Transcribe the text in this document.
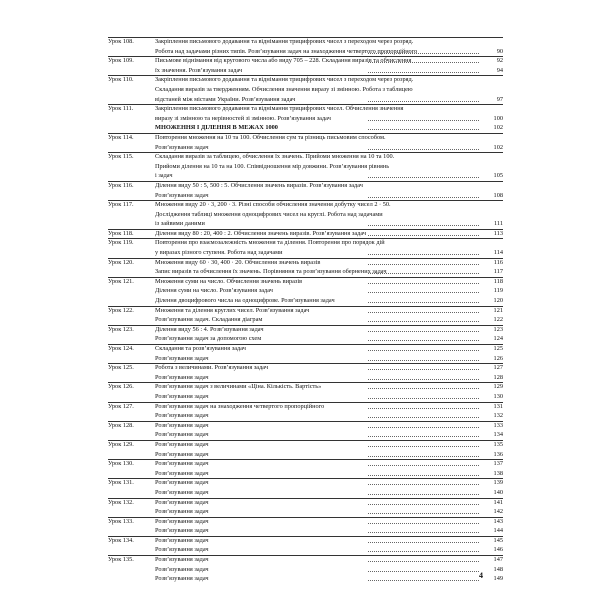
Урок 108.	Закріплення письмового додавання та віднімання трицифрових чисел з переходом через розряд.
Робота над задачами різних типів. Розв’язування задач на знаходження четвертого пропорційного	90
Урок 109.	Письмове віднімання від кругового числа або виду 705 – 228. Складання виразів та обчислення	92
їх значення. Розв’язування задач	94
Урок 110.	Закріплення письмового додавання та віднімання трицифрових чисел з переходом через розряд.
Складання виразів за твердженням. Обчислення значення виразу зі змінною. Робота з таблицею
відстаней між містами України. Розв’язування задач	97
Урок 111.	Закріплення письмового додавання та віднімання трицифрових чисел. Обчислення значення
виразу зі змінною та нерівностей зі змінною. Розв’язування задач	100
МНОЖЕННЯ І ДІЛЕННЯ В МЕЖАХ 1000	102
Урок 114.	Повторення множення на 10 та 100. Обчислення сум та різниць письмовим способом.
Розв’язування задач	102
Урок 115.	Складання виразів за таблицею, обчислення їх значень. Прийоми множення на 10 та 100.
Прийоми ділення на 10 та на 100. Співвідношення мір довжини. Розв’язування рівнянь
і задач	105
Урок 116.	Ділення виду 50 : 5, 500 : 5. Обчислення значень виразів. Розв’язування задач
Розв’язування задач	108
Урок 117.	Множення виду 20 · 3, 200 · 3. Різні способи обчислення значення добутку чисел 2 · 50.
Дослідження таблиці множення одноцифрових чисел на круглі. Робота над задачами
із зайвими даними	111
Урок 118.	Ділення виду 80 : 20, 400 : 2. Обчислення значень виразів. Розв’язування задач	113
Урок 119.	Повторення про взаємозалежність множення та ділення. Повторення про порядок дій
у виразах різного ступеня. Робота над задачами	114
Урок 120.	Множення виду 60 · 30, 400 · 20. Обчислення значень виразів	116
Запис виразів та обчислення їх значень. Порівняння та розв’язування обернених задач	117
Урок 121.	Множення суми на число. Обчислення значень виразів	118
Ділення суми на число. Розв’язування задач	119
Ділення двоцифрового числа на одноцифрове. Розв’язування задач	120
Урок 122.	Множення та ділення круглих чисел. Розв’язування задач	121
Розв’язування задач. Складання діаграм	122
Урок 123.	Ділення виду 56 : 4. Розв’язування задач	123
Розв’язування задач за допомогою схем	124
Урок 124.	Складання та розв’язування задач	125
Розв’язування задач	126
Урок 125.	Робота з величинами. Розв’язування задач	127
Розв’язування задач	128
Урок 126.	Розв’язування задач з величинами «Ціна. Кількість. Вартість»	129
Розв’язування задач	130
Урок 127.	Розв’язування задач на знаходження четвертого пропорційного	131
Розв’язування задач	132
Урок 128.	Розв’язування задач	133
Розв’язування задач	134
Урок 129.	Розв’язування задач	135
Розв’язування задач	136
Урок 130.	Розв’язування задач	137
Розв’язування задач	138
Урок 131.	Розв’язування задач	139
Розв’язування задач	140
Урок 132.	Розв’язування задач	141
Розв’язування задач	142
Урок 133.	Розв’язування задач	143
Розв’язування задач	144
Урок 134.	Розв’язування задач	145
Розв’язування задач	146
Урок 135.	Розв’язування задач	147
Розв’язування задач	148
Розв’язування задач	149
4
